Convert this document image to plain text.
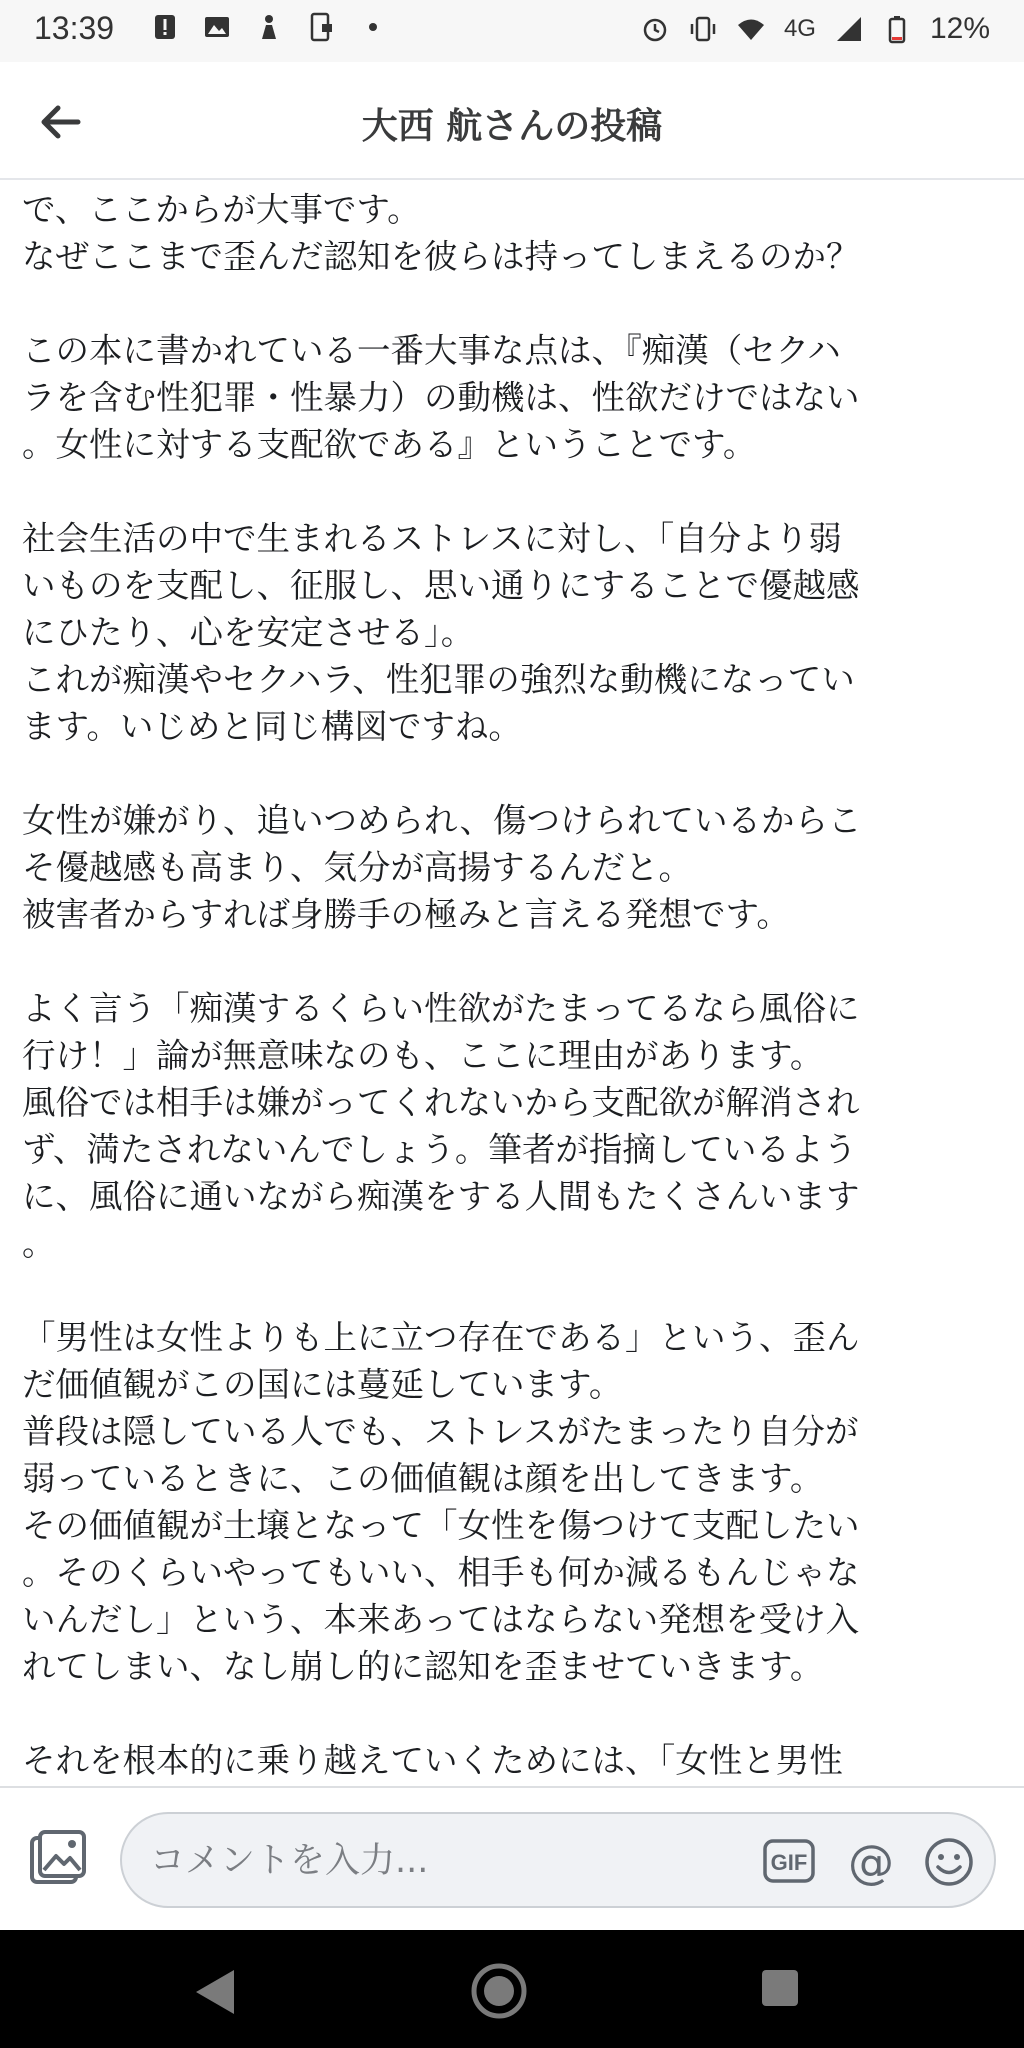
13:39	4G	12%
大西 航さんの投稿
で、ここからが大事です。
なぜここまで歪んだ認知を彼らは持ってしまえるのか？
この本に書かれている一番大事な点は、『痴漢（セクハ
ラを含む性犯罪・性暴力）の動機は、性欲だけではない
。女性に対する支配欲である』ということです。
社会生活の中で生まれるストレスに対し、「自分より弱
いものを支配し、征服し、思い通りにすることで優越感
にひたり、心を安定させる」。
これが痴漢やセクハラ、性犯罪の強烈な動機になってい
ます。いじめと同じ構図ですね。
女性が嫌がり、追いつめられ、傷つけられているからこ
そ優越感も高まり、気分が高揚するんだと。
被害者からすれば身勝手の極みと言える発想です。
よく言う「痴漢するくらい性欲がたまってるなら風俗に
行け！」論が無意味なのも、ここに理由があります。
風俗では相手は嫌がってくれないから支配欲が解消され
ず、満たされないんでしょう。筆者が指摘しているよう
に、風俗に通いながら痴漢をする人間もたくさんいます
。
「男性は女性よりも上に立つ存在である」という、歪ん
だ価値観がこの国には蔓延しています。
普段は隠している人でも、ストレスがたまったり自分が
弱っているときに、この価値観は顔を出してきます。
その価値観が土壌となって「女性を傷つけて支配したい
。そのくらいやってもいい、相手も何か減るもんじゃな
いんだし」という、本来あってはならない発想を受け入
れてしまい、なし崩し的に認知を歪ませていきます。
それを根本的に乗り越えていくためには、「女性と男性
コメントを入力...
GIF @
